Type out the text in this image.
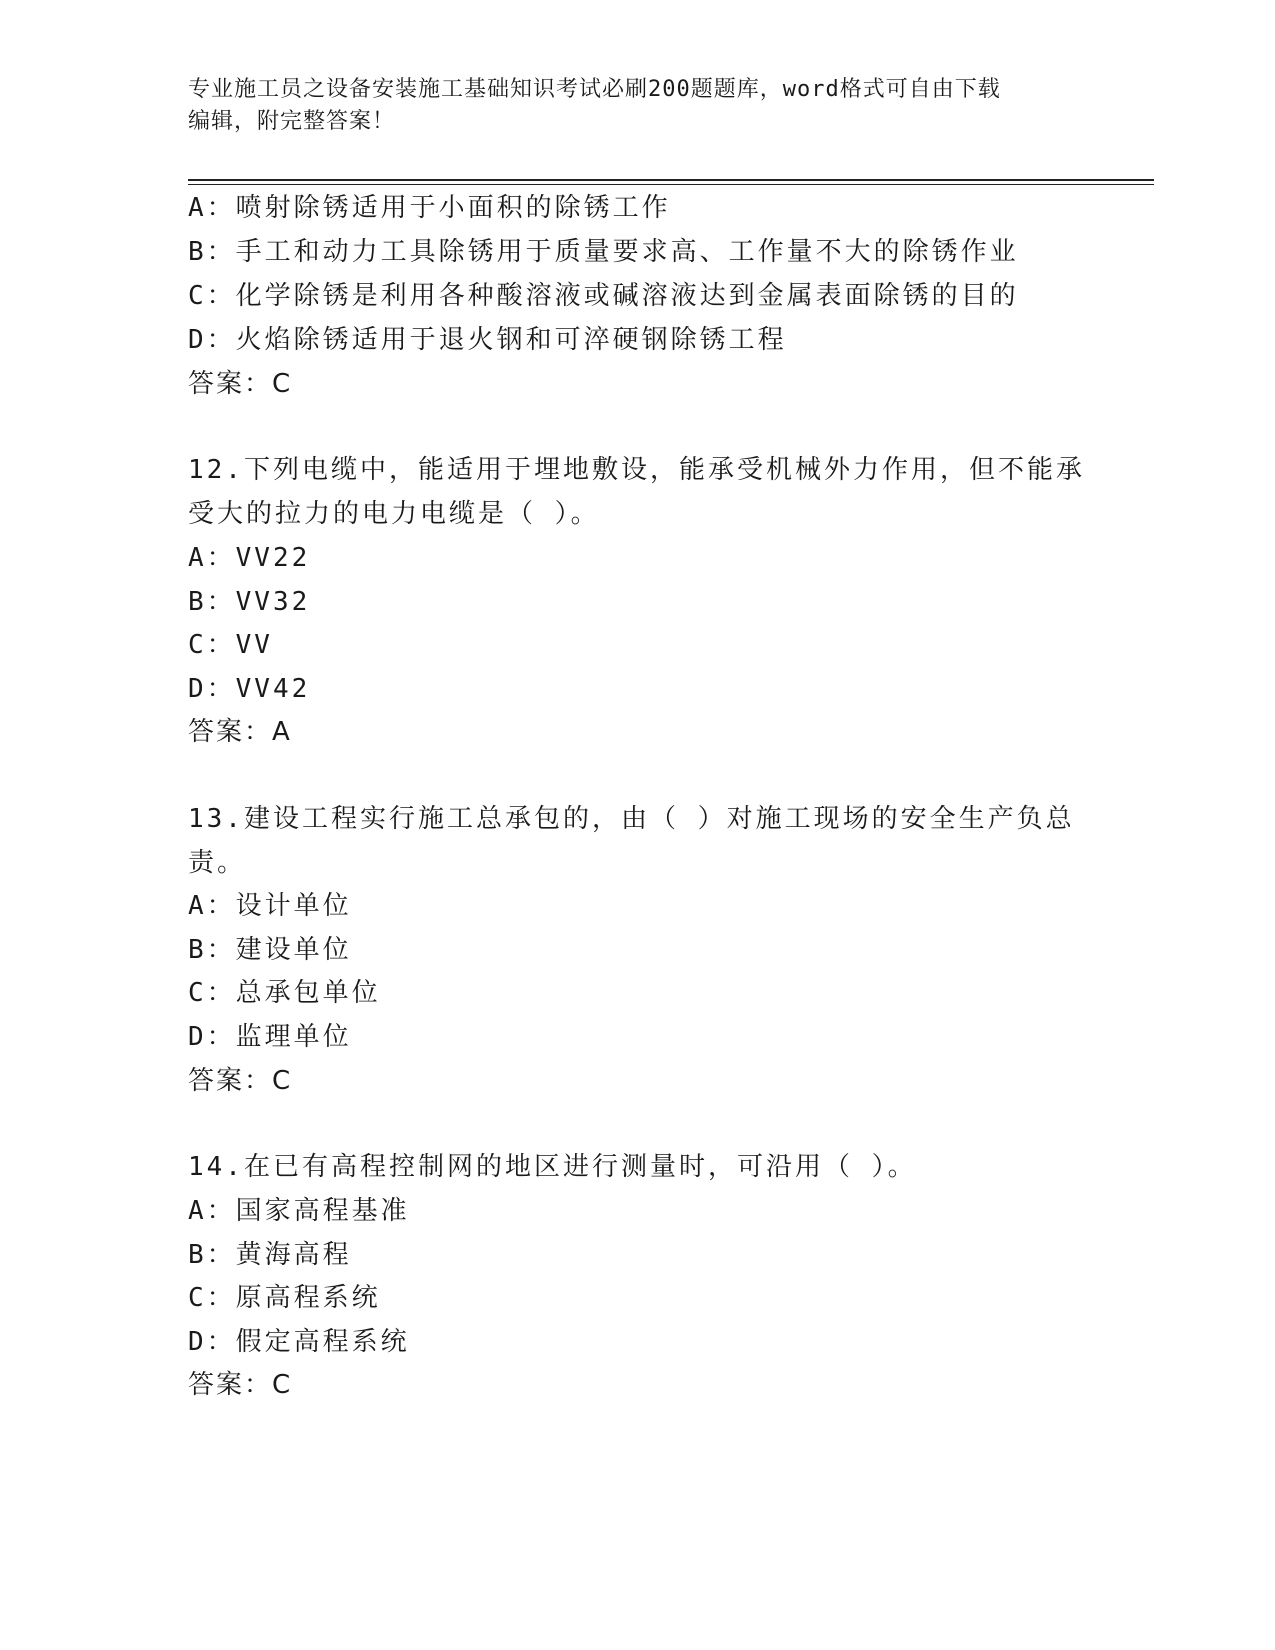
专业施工员之设备安装施工基础知识考试必刷200题题库，word格式可自由下载
编辑，附完整答案！
A：喷射除锈适用于小面积的除锈工作
B：手工和动力工具除锈用于质量要求高、工作量不大的除锈作业
C：化学除锈是利用各种酸溶液或碱溶液达到金属表面除锈的目的
D：火焰除锈适用于退火钢和可淬硬钢除锈工程
答案：C
12.下列电缆中，能适用于埋地敷设，能承受机械外力作用，但不能承
受大的拉力的电力电缆是（ ）。
A：VV22
B：VV32
C：VV
D：VV42
答案：A
13.建设工程实行施工总承包的，由（ ）对施工现场的安全生产负总
责。
A：设计单位
B：建设单位
C：总承包单位
D：监理单位
答案：C
14.在已有高程控制网的地区进行测量时，可沿用（ ）。
A：国家高程基准
B：黄海高程
C：原高程系统
D：假定高程系统
答案：C
